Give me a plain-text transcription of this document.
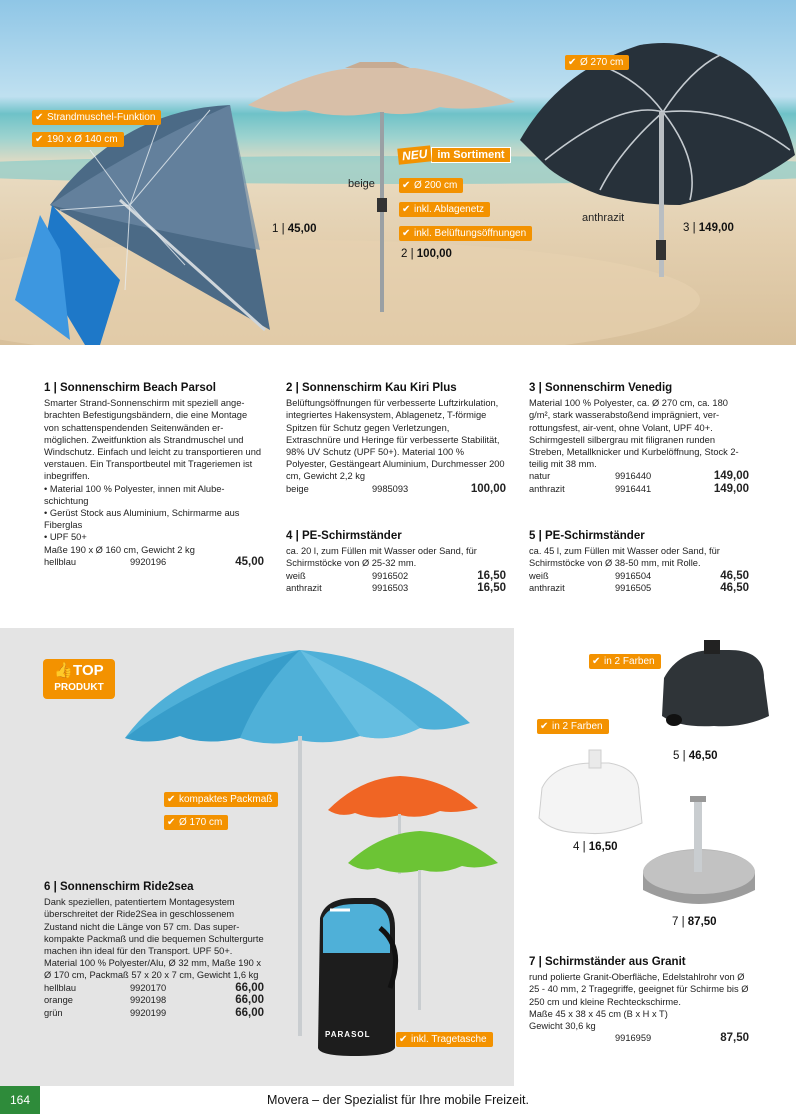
✔ Strandmuschel-Funktion
✔ 190 x Ø 140 cm
1 | 45,00
NEU im Sortiment
beige	✔ Ø 200 cm
✔ inkl. Ablagenetz
✔ inkl. Belüftungsöffnungen
2 | 100,00
✔ Ø 270 cm
anthrazit
3 | 149,00
1 | Sonnenschirm Beach Parsol

Smarter Strand-Sonnenschirm mit speziell angebrachten Befestigungsbändern, die eine Montage von schattenspendenden Seitenwänden ermöglichen. Zweitfunktion als Strandmuschel und Windschutz. Einfach und leicht zu transportieren und verstauen. Ein Transportbeutel mit Trageriemen ist inbegriffen.

• Material 100 % Polyester, innen mit Alubeschichtung

• Gerüst Stock aus Aluminium, Schirmarme aus Fiberglas

• UPF 50+

Maße 190 x Ø 160 cm, Gewicht 2 kg

hellblau	9920196	45,00
2 | Sonnenschirm Kau Kiri Plus

Belüftungsöffnungen für verbesserte Luftzirkulation, integriertes Hakensystem, Ablagenetz, T-förmige Spitzen für Schutz gegen Verletzungen, Extraschnüre und Heringe für verbesserte Stabilität, 98% UV Schutz (UPF 50+). Material 100 % Polyester, Gestängeart Aluminium, Durchmesser 200 cm, Gewicht 2,2 kg

beige	9985093	100,00
4 | PE-Schirmständer

ca. 20 l, zum Füllen mit Wasser oder Sand, für Schirmstöcke von Ø 25-32 mm.

weiß	9916502	16,50
anthrazit	9916503	16,50
3 | Sonnenschirm Venedig

Material 100 % Polyester, ca. Ø 270 cm, ca. 180 g/m², stark wasserabstoßend imprägniert, verrottungsfest, air-vent, ohne Volant, UPF 40+. Schirmgestell silbergrau mit filigranen runden Streben, Metallknicker und Kurbelöffnung, Stock 2-teilig mit 38 mm.

natur	9916440	149,00
anthrazit	9916441	149,00
5 | PE-Schirmständer

ca. 45 l, zum Füllen mit Wasser oder Sand, für Schirmstöcke von Ø 38-50 mm, mit Rolle.

weiß	9916504	46,50
anthrazit	9916505	46,50
👍TOP
PRODUKT
✔ kompaktes Packmaß
✔ Ø 170 cm
✔ inkl. Tragetasche
PARASOL
6 | Sonnenschirm Ride2sea

Dank speziellen, patentiertem Montagesystem überschreitet der Ride2Sea in geschlossenem Zustand nicht die Länge von 57 cm. Das superkompakte Packmaß und die bequemen Schultergurte machen ihn ideal für den Transport. UPF 50+.

Material 100 % Polyester/Alu, Ø 32 mm, Maße 190 x Ø 170 cm, Packmaß 57 x 20 x 7 cm, Gewicht 1,6 kg

hellblau	9920170	66,00
orange	9920198	66,00
grün	9920199	66,00
✔ in 2 Farben
✔ in 2 Farben
5 | 46,50
4 | 16,50
7 | 87,50
7 | Schirmständer aus Granit

rund polierte Granit-Oberfläche, Edelstahlrohr von Ø 25 - 40 mm, 2 Tragegriffe, geeignet für Schirme bis Ø 250 cm und kleine Rechteckschirme.

Maße 45 x 38 x 45 cm (B x H x T)

Gewicht 30,6 kg

9916959	87,50
Movera – der Spezialist für Ihre mobile Freizeit.
164
